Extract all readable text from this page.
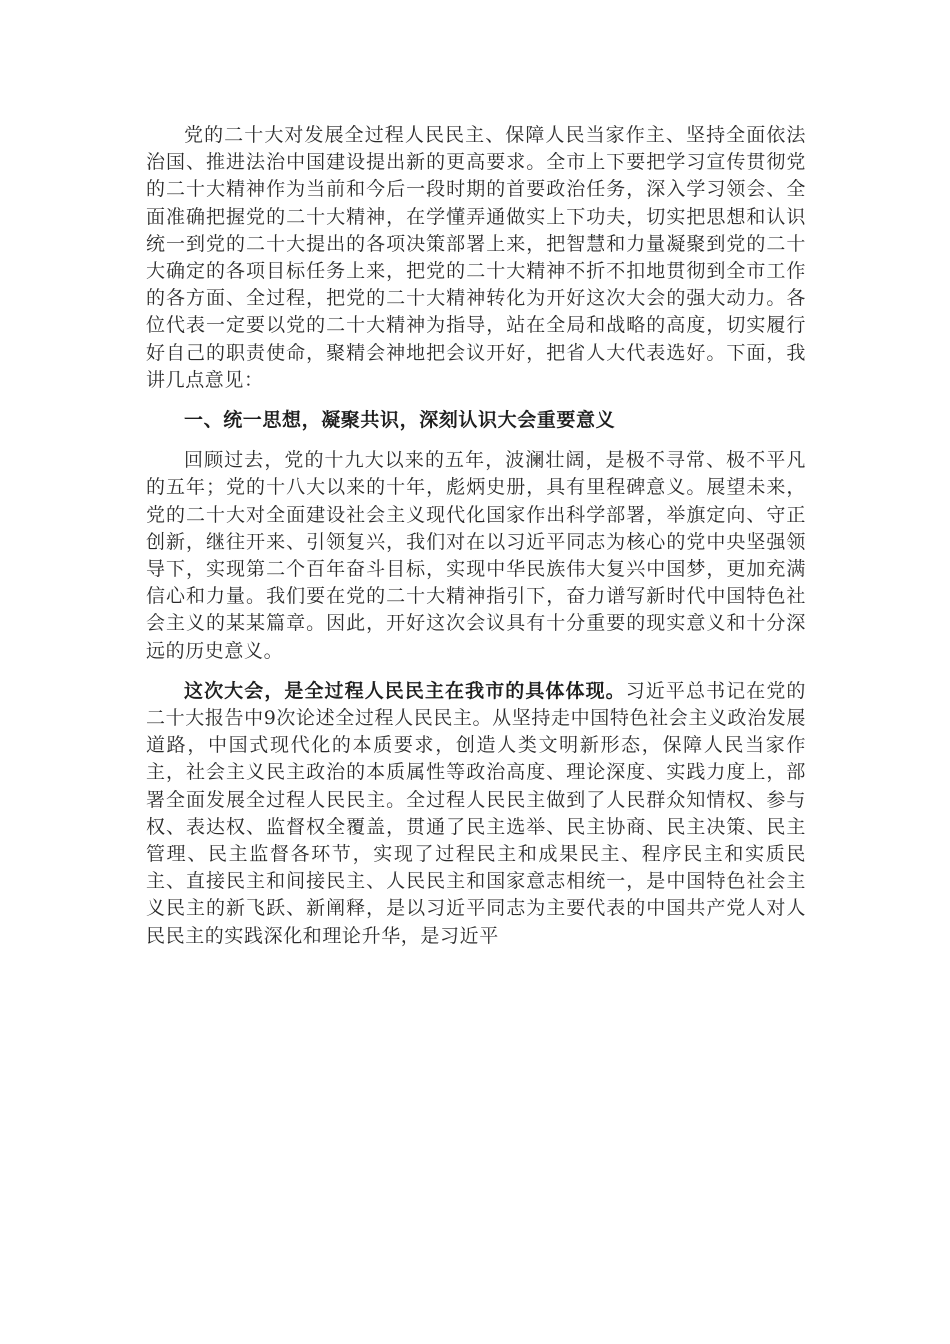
党的二十大对发展全过程人民民主、保障人民当家作主、坚持全面依法治国、推进法治中国建设提出新的更高要求。全市上下要把学习宣传贯彻党的二十大精神作为当前和今后一段时期的首要政治任务，深入学习领会、全面准确把握党的二十大精神，在学懂弄通做实上下功夫，切实把思想和认识统一到党的二十大提出的各项决策部署上来，把智慧和力量凝聚到党的二十大确定的各项目标任务上来，把党的二十大精神不折不扣地贯彻到全市工作的各方面、全过程，把党的二十大精神转化为开好这次大会的强大动力。各位代表一定要以党的二十大精神为指导，站在全局和战略的高度，切实履行好自己的职责使命，聚精会神地把会议开好，把省人大代表选好。下面，我讲几点意见：

一、统一思想，凝聚共识，深刻认识大会重要意义

回顾过去，党的十九大以来的五年，波澜壮阔，是极不寻常、极不平凡的五年；党的十八大以来的十年，彪炳史册，具有里程碑意义。展望未来，党的二十大对全面建设社会主义现代化国家作出科学部署，举旗定向、守正创新，继往开来、引领复兴，我们对在以习近平同志为核心的党中央坚强领导下，实现第二个百年奋斗目标，实现中华民族伟大复兴中国梦，更加充满信心和力量。我们要在党的二十大精神指引下，奋力谱写新时代中国特色社会主义的某某篇章。因此，开好这次会议具有十分重要的现实意义和十分深远的历史意义。

这次大会，是全过程人民民主在我市的具体体现。习近平总书记在党的二十大报告中9次论述全过程人民民主。从坚持走中国特色社会主义政治发展道路，中国式现代化的本质要求，创造人类文明新形态，保障人民当家作主，社会主义民主政治的本质属性等政治高度、理论深度、实践力度上，部署全面发展全过程人民民主。全过程人民民主做到了人民群众知情权、参与权、表达权、监督权全覆盖，贯通了民主选举、民主协商、民主决策、民主管理、民主监督各环节，实现了过程民主和成果民主、程序民主和实质民主、直接民主和间接民主、人民民主和国家意志相统一，是中国特色社会主义民主的新飞跃、新阐释，是以习近平同志为主要代表的中国共产党人对人民民主的实践深化和理论升华，是习近平
